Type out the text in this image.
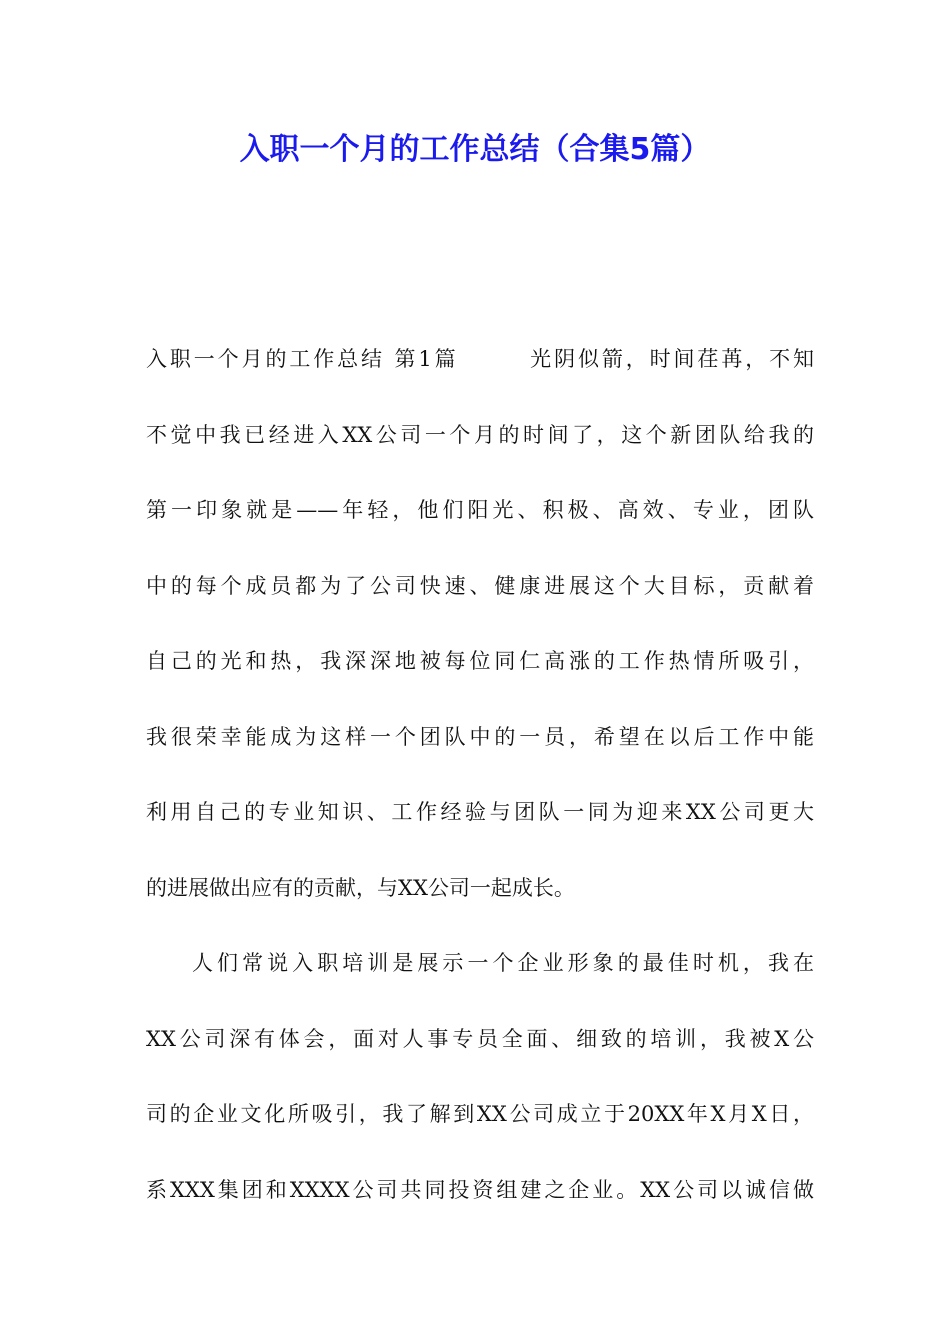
入职一个月的工作总结（合集5篇）
入职一个月的工作总结 第1篇　　　光阴似箭，时间荏苒，不知
不觉中我已经进入XX公司一个月的时间了，这个新团队给我的
第一印象就是——年轻，他们阳光、积极、高效、专业，团队
中的每个成员都为了公司快速、健康进展这个大目标，贡献着
自己的光和热，我深深地被每位同仁高涨的工作热情所吸引，
我很荣幸能成为这样一个团队中的一员，希望在以后工作中能
利用自己的专业知识、工作经验与团队一同为迎来XX公司更大
的进展做出应有的贡献，与XX公司一起成长。
人们常说入职培训是展示一个企业形象的最佳时机，我在
XX公司深有体会，面对人事专员全面、细致的培训，我被X公
司的企业文化所吸引，我了解到XX公司成立于20XX年X月X日，
系XXX集团和XXXX公司共同投资组建之企业。XX公司以诚信做
